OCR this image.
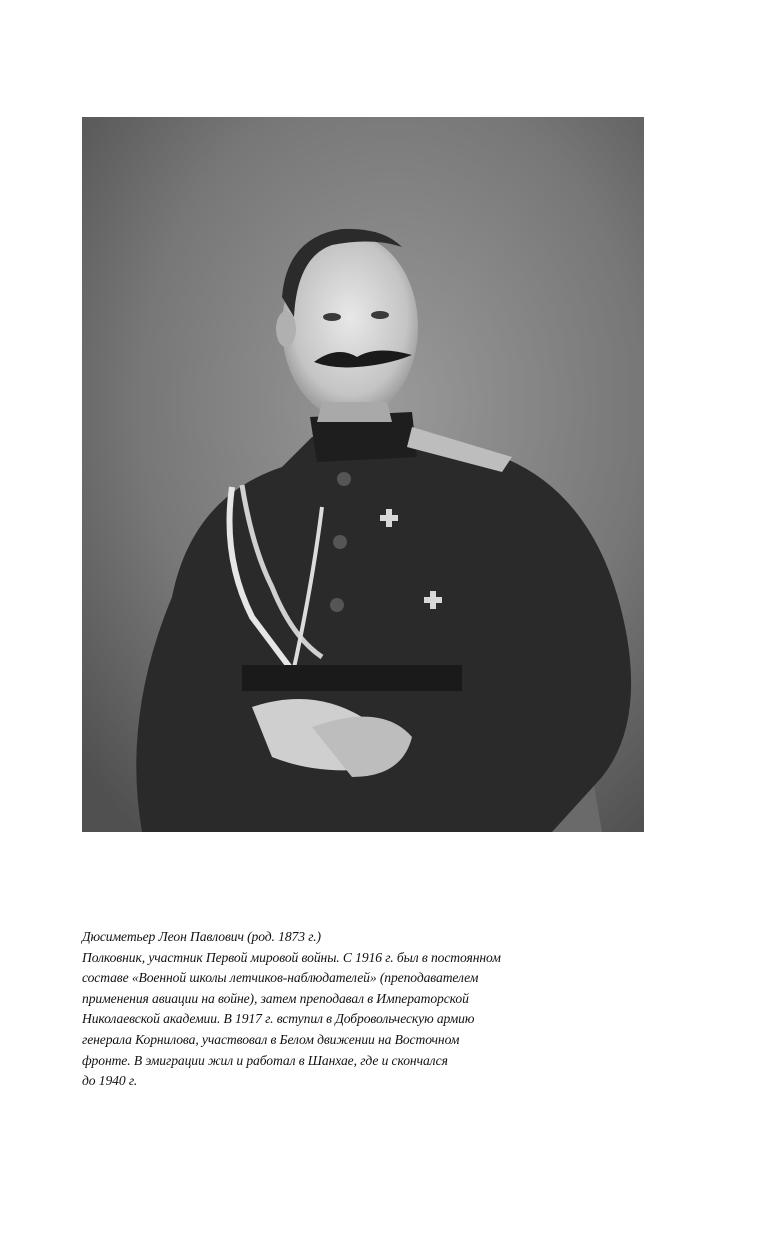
Дюсиметьер Леон Павлович (род. 1873 г.)
Полковник, участник Первой мировой войны. С 1916 г. был в постоянном
составе «Военной школы летчиков-наблюдателей» (преподавателем
применения авиации на войне), затем преподавал в Императорской
Николаевской академии. В 1917 г. вступил в Добровольческую армию
генерала Корнилова, участвовал в Белом движении на Восточном
фронте. В эмиграции жил и работал в Шанхае, где и скончался
до 1940 г.
